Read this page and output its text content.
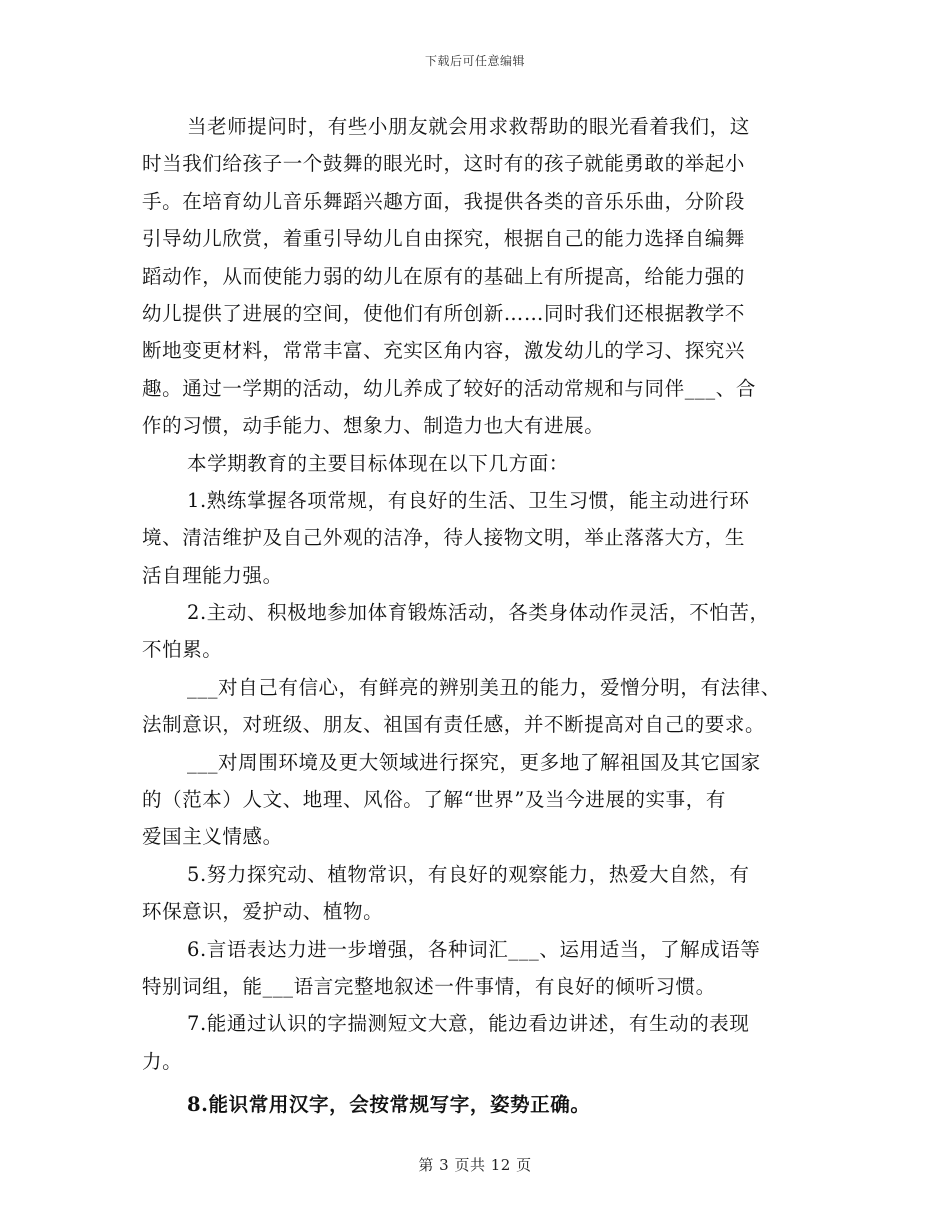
下载后可任意编辑
当老师提问时，有些小朋友就会用求救帮助的眼光看着我们，这
时当我们给孩子一个鼓舞的眼光时，这时有的孩子就能勇敢的举起小
手。在培育幼儿音乐舞蹈兴趣方面，我提供各类的音乐乐曲，分阶段
引导幼儿欣赏，着重引导幼儿自由探究，根据自己的能力选择自编舞
蹈动作，从而使能力弱的幼儿在原有的基础上有所提高，给能力强的
幼儿提供了进展的空间，使他们有所创新……同时我们还根据教学不
断地变更材料，常常丰富、充实区角内容，激发幼儿的学习、探究兴
趣。通过一学期的活动，幼儿养成了较好的活动常规和与同伴___、合
作的习惯，动手能力、想象力、制造力也大有进展。
本学期教育的主要目标体现在以下几方面：
1.熟练掌握各项常规，有良好的生活、卫生习惯，能主动进行环
境、清洁维护及自己外观的洁净，待人接物文明，举止落落大方，生
活自理能力强。
2.主动、积极地参加体育锻炼活动，各类身体动作灵活，不怕苦，
不怕累。
___对自己有信心，有鲜亮的辨别美丑的能力，爱憎分明，有法律、
法制意识，对班级、朋友、祖国有责任感，并不断提高对自己的要求。
___对周围环境及更大领域进行探究，更多地了解祖国及其它国家
的（范本）人文、地理、风俗。了解“世界”及当今进展的实事，有
爱国主义情感。
5.努力探究动、植物常识，有良好的观察能力，热爱大自然，有
环保意识，爱护动、植物。
6.言语表达力进一步增强，各种词汇___、运用适当，了解成语等
特别词组，能___语言完整地叙述一件事情，有良好的倾听习惯。
7.能通过认识的字揣测短文大意，能边看边讲述，有生动的表现
力。
8.能识常用汉字，会按常规写字，姿势正确。
第 3 页共 12 页
